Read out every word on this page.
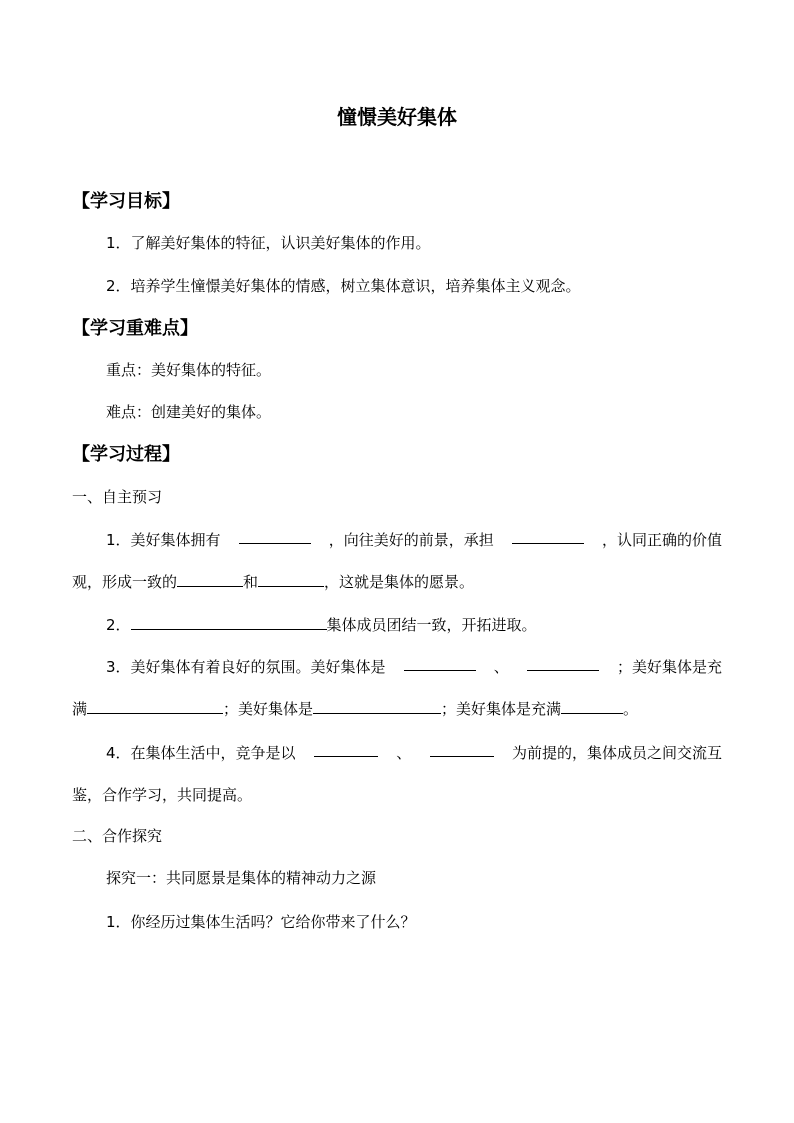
憧憬美好集体
【学习目标】
1．了解美好集体的特征，认识美好集体的作用。
2．培养学生憧憬美好集体的情感，树立集体意识，培养集体主义观念。
【学习重难点】
重点：美好集体的特征。
难点：创建美好的集体。
【学习过程】
一、自主预习
1．美好集体拥有	，向往美好的前景，承担	，认同正确的价值
观，形成一致的	和	，这就是集体的愿景。
2．	集体成员团结一致，开拓进取。
3．美好集体有着良好的氛围。美好集体是	、	；美好集体是充
满	；美好集体是	；美好集体是充满	。
4．在集体生活中，竞争是以	、	为前提的，集体成员之间交流互
鉴，合作学习，共同提高。
二、合作探究
探究一：共同愿景是集体的精神动力之源
1．你经历过集体生活吗？它给你带来了什么？
